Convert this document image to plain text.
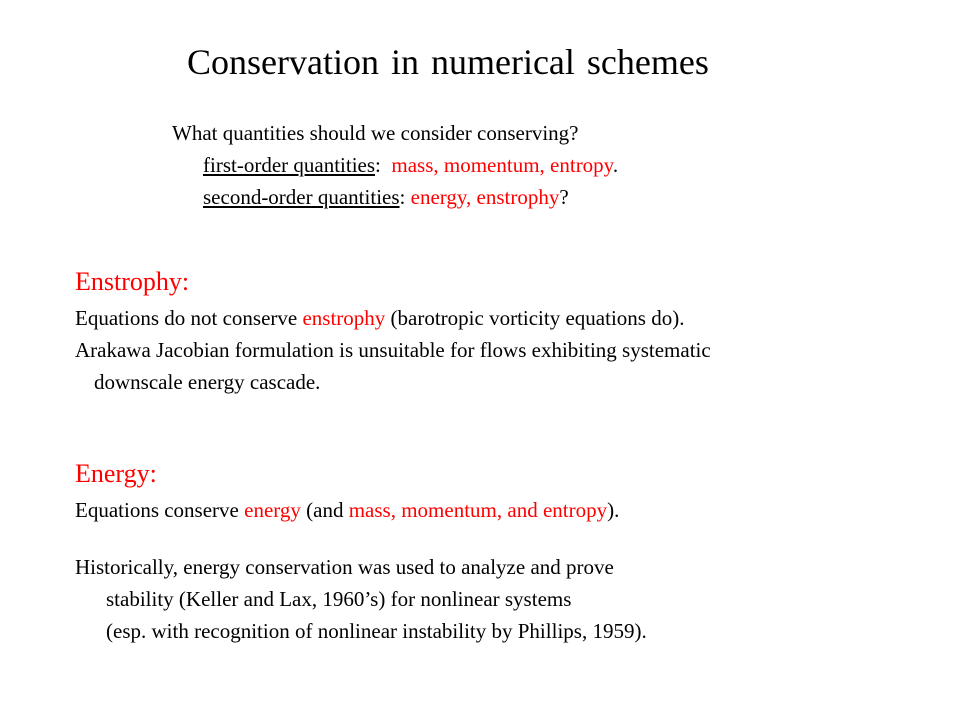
Conservation in numerical schemes
What quantities should we consider conserving?
first-order quantities:  mass, momentum, entropy.
second-order quantities: energy, enstrophy?
Enstrophy:
Equations do not conserve enstrophy (barotropic vorticity equations do).
Arakawa Jacobian formulation is unsuitable for flows exhibiting systematic
downscale energy cascade.
Energy:
Equations conserve energy (and mass, momentum, and entropy).
Historically, energy conservation was used to analyze and prove
stability (Keller and Lax, 1960’s) for nonlinear systems
(esp. with recognition of nonlinear instability by Phillips, 1959).
